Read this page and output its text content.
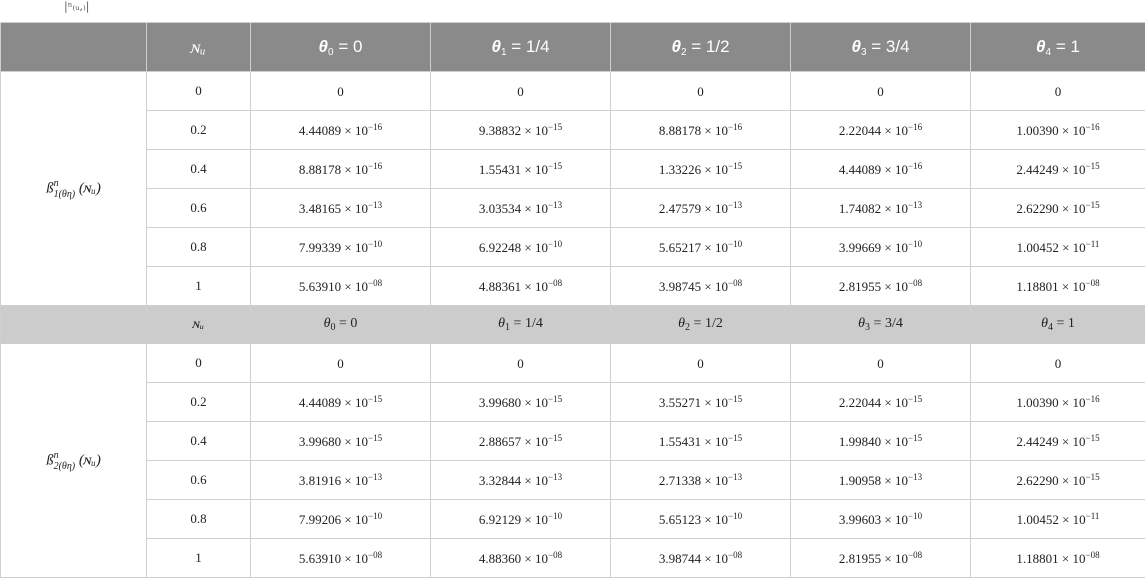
|ⁿ₍ᵤ,₎|
	ɴᵤ	$\theta_0 = 0$	$\theta_1 = 1/4$	$\theta_2 = 1/2$	$\theta_3 = 3/4$	$\theta_4 = 1$
ß n
1(θη) (ɴᵤ)	0	0	0	0	0	0
	0.2	$4.44089 \times 10^{-16}$	$9.38832 \times 10^{-15}$	$8.88178 \times 10^{-16}$	$2.22044 \times 10^{-16}$	$1.00390 \times 10^{-16}$
	0.4	$8.88178 \times 10^{-16}$	$1.55431 \times 10^{-15}$	$1.33226 \times 10^{-15}$	$4.44089 \times 10^{-16}$	$2.44249 \times 10^{-15}$
	0.6	$3.48165 \times 10^{-13}$	$3.03534 \times 10^{-13}$	$2.47579 \times 10^{-13}$	$1.74082 \times 10^{-13}$	$2.62290 \times 10^{-15}$
	0.8	$7.99339 \times 10^{-10}$	$6.92248 \times 10^{-10}$	$5.65217 \times 10^{-10}$	$3.99669 \times 10^{-10}$	$1.00452 \times 10^{-11}$
	1	$5.63910 \times 10^{-08}$	$4.88361 \times 10^{-08}$	$3.98745 \times 10^{-08}$	$2.81955 \times 10^{-08}$	$1.18801 \times 10^{-08}$
	ɴᵤ	$\theta_0 = 0$	$\theta_1 = 1/4$	$\theta_2 = 1/2$	$\theta_3 = 3/4$	$\theta_4 = 1$
ß n
2(θη) (ɴᵤ)	0	0	0	0	0	0
	0.2	$4.44089 \times 10^{-15}$	$3.99680 \times 10^{-15}$	$3.55271 \times 10^{-15}$	$2.22044 \times 10^{-15}$	$1.00390 \times 10^{-16}$
	0.4	$3.99680 \times 10^{-15}$	$2.88657 \times 10^{-15}$	$1.55431 \times 10^{-15}$	$1.99840 \times 10^{-15}$	$2.44249 \times 10^{-15}$
	0.6	$3.81916 \times 10^{-13}$	$3.32844 \times 10^{-13}$	$2.71338 \times 10^{-13}$	$1.90958 \times 10^{-13}$	$2.62290 \times 10^{-15}$
	0.8	$7.99206 \times 10^{-10}$	$6.92129 \times 10^{-10}$	$5.65123 \times 10^{-10}$	$3.99603 \times 10^{-10}$	$1.00452 \times 10^{-11}$
	1	$5.63910 \times 10^{-08}$	$4.88360 \times 10^{-08}$	$3.98744 \times 10^{-08}$	$2.81955 \times 10^{-08}$	$1.18801 \times 10^{-08}$
